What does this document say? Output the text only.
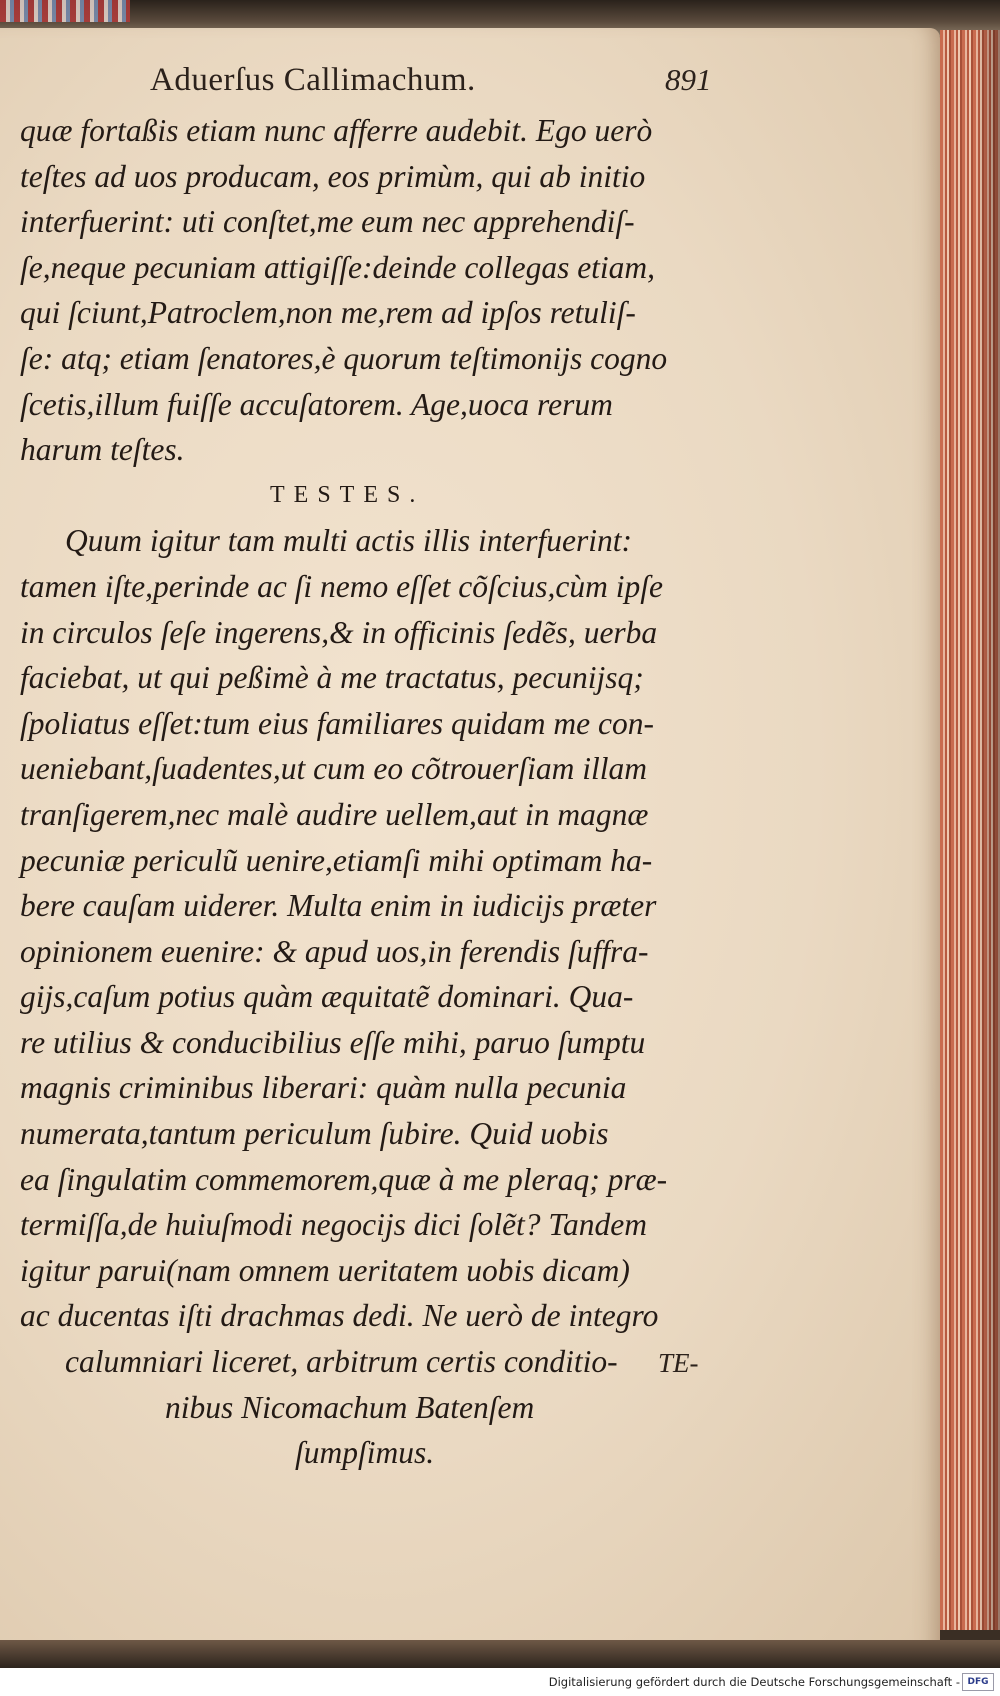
Aduerſus Callimachum.	891
quæ fortaßis etiam nunc afferre audebit. Ego uerò
teſtes ad uos producam, eos primùm, qui ab initio
interfuerint: uti conſtet,me eum nec apprehendiſ-
ſe,neque pecuniam attigiſſe:deinde collegas etiam,
qui ſciunt,Patroclem,non me,rem ad ipſos retuliſ-
ſe: atq; etiam ſenatores,è quorum teſtimonijs cogno
ſcetis,illum fuiſſe accuſatorem. Age,uoca rerum
harum teſtes.
TESTES.
Quum igitur tam multi actis illis interfuerint:
tamen iſte,perinde ac ſi nemo eſſet cõſcius,cùm ipſe
in circulos ſeſe ingerens,& in officinis ſedẽs, uerba
faciebat, ut qui peßimè à me tractatus, pecunijsq;
ſpoliatus eſſet:tum eius familiares quidam me con-
ueniebant,ſuadentes,ut cum eo cõtrouerſiam illam
tranſigerem,nec malè audire uellem,aut in magnæ
pecuniæ periculũ uenire,etiamſi mihi optimam ha-
bere cauſam uiderer. Multa enim in iudicijs præter
opinionem euenire: & apud uos,in ferendis ſuffra-
gijs,caſum potius quàm æquitatẽ dominari. Qua-
re utilius & conducibilius eſſe mihi, paruo ſumptu
magnis criminibus liberari: quàm nulla pecunia
numerata,tantum periculum ſubire. Quid uobis
ea ſingulatim commemorem,quæ à me pleraq; præ-
termiſſa,de huiuſmodi negocijs dici ſolẽt? Tandem
igitur parui(nam omnem ueritatem uobis dicam)
ac ducentas iſti drachmas dedi. Ne uerò de integro
calumniari liceret, arbitrum certis conditio-
nibus Nicomachum Batenſem
ſumpſimus.
TE-
Digitalisierung gefördert durch die Deutsche Forschungsgemeinschaft - DFG
